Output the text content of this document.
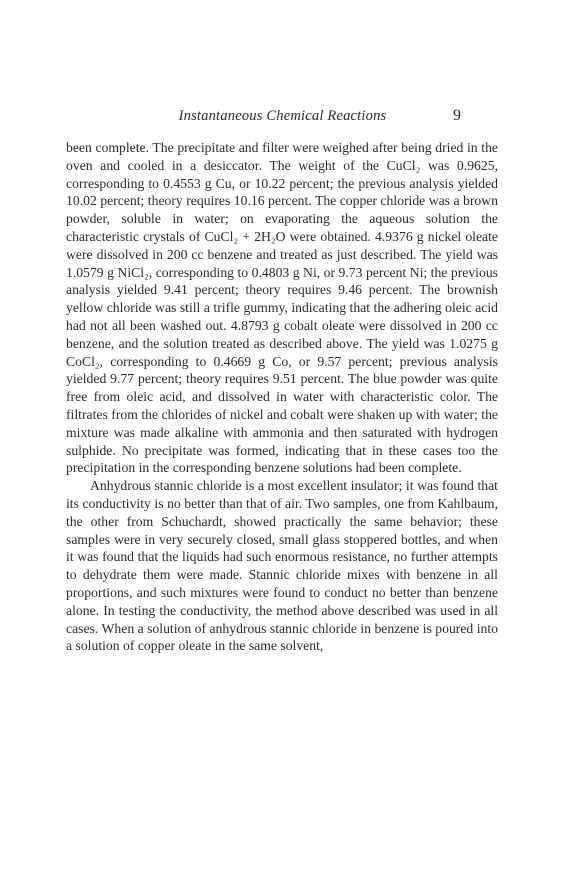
Instantaneous Chemical Reactions	9

been complete. The precipitate and filter were weighed after being dried in the oven and cooled in a desiccator. The weight of the CuCl₂ was 0.9625, corresponding to 0.4553 g Cu, or 10.22 percent; the previous analysis yielded 10.02 percent; theory requires 10.16 percent. The copper chloride was a brown powder, soluble in water; on evaporating the aqueous solution the characteristic crystals of CuCl₂ + 2H₂O were obtained. 4.9376 g nickel oleate were dissolved in 200 cc benzene and treated as just described. The yield was 1.0579 g NiCl₂, corresponding to 0.4803 g Ni, or 9.73 percent Ni; the previous analysis yielded 9.41 percent; theory requires 9.46 percent. The brownish yellow chloride was still a trifle gummy, indicating that the adhering oleic acid had not all been washed out. 4.8793 g cobalt oleate were dissolved in 200 cc benzene, and the solution treated as described above. The yield was 1.0275 g CoCl₂, corresponding to 0.4669 g Co, or 9.57 percent; previous analysis yielded 9.77 percent; theory requires 9.51 percent. The blue powder was quite free from oleic acid, and dissolved in water with characteristic color. The filtrates from the chlorides of nickel and cobalt were shaken up with water; the mixture was made alkaline with ammonia and then saturated with hydrogen sulphide. No precipitate was formed, indicating that in these cases too the precipitation in the corresponding benzene solutions had been complete.

Anhydrous stannic chloride is a most excellent insulator; it was found that its conductivity is no better than that of air. Two samples, one from Kahlbaum, the other from Schuchardt, showed practically the same behavior; these samples were in very securely closed, small glass stoppered bottles, and when it was found that the liquids had such enormous resistance, no further attempts to dehydrate them were made. Stannic chloride mixes with benzene in all proportions, and such mixtures were found to conduct no better than benzene alone. In testing the conductivity, the method above described was used in all cases. When a solution of anhydrous stannic chloride in benzene is poured into a solution of copper oleate in the same solvent,
